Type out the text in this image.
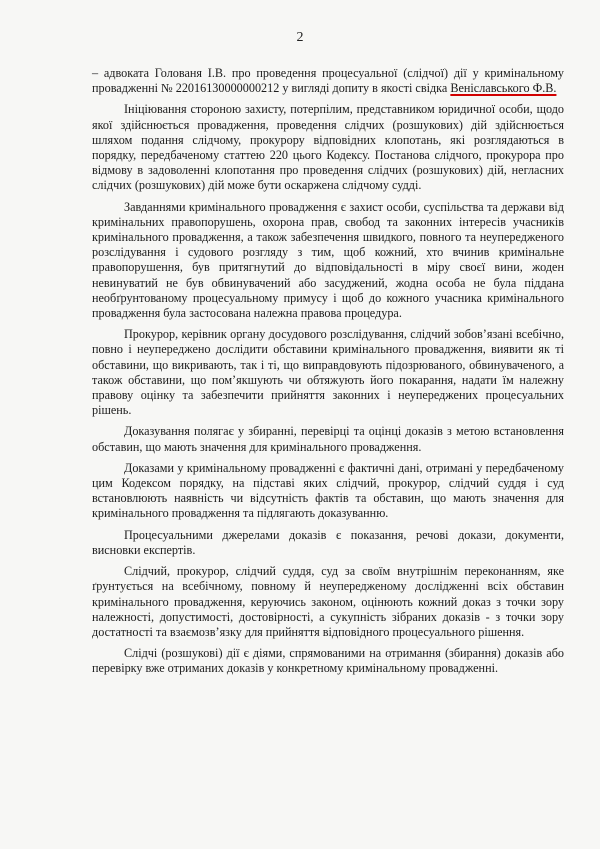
2

– адвоката Голованя І.В. про проведення процесуальної (слідчої) дії у кримінальному провадженні № 22016130000000212 у вигляді допиту в якості свідка Веніславського Ф.В.

Ініціювання стороною захисту, потерпілим, представником юридичної особи, щодо якої здійснюється провадження, проведення слідчих (розшукових) дій здійснюється шляхом подання слідчому, прокурору відповідних клопотань, які розглядаються в порядку, передбаченому статтею 220 цього Кодексу. Постанова слідчого, прокурора про відмову в задоволенні клопотання про проведення слідчих (розшукових) дій, негласних слідчих (розшукових) дій може бути оскаржена слідчому судді.

Завданнями кримінального провадження є захист особи, суспільства та держави від кримінальних правопорушень, охорона прав, свобод та законних інтересів учасників кримінального провадження, а також забезпечення швидкого, повного та неупередженого розслідування і судового розгляду з тим, щоб кожний, хто вчинив кримінальне правопорушення, був притягнутий до відповідальності в міру своєї вини, жоден невинуватий не був обвинувачений або засуджений, жодна особа не була піддана необґрунтованому процесуальному примусу і щоб до кожного учасника кримінального провадження була застосована належна правова процедура.

Прокурор, керівник органу досудового розслідування, слідчий зобов’язані всебічно, повно і неупереджено дослідити обставини кримінального провадження, виявити як ті обставини, що викривають, так і ті, що виправдовують підозрюваного, обвинуваченого, а також обставини, що пом’якшують чи обтяжують його покарання, надати їм належну правову оцінку та забезпечити прийняття законних і неупереджених процесуальних рішень.

Доказування полягає у збиранні, перевірці та оцінці доказів з метою встановлення обставин, що мають значення для кримінального провадження.

Доказами у кримінальному провадженні є фактичні дані, отримані у передбаченому цим Кодексом порядку, на підставі яких слідчий, прокурор, слідчий суддя і суд встановлюють наявність чи відсутність фактів та обставин, що мають значення для кримінального провадження та підлягають доказуванню.

Процесуальними джерелами доказів є показання, речові докази, документи, висновки експертів.

Слідчий, прокурор, слідчий суддя, суд за своїм внутрішнім переконанням, яке ґрунтується на всебічному, повному й неупередженому дослідженні всіх обставин кримінального провадження, керуючись законом, оцінюють кожний доказ з точки зору належності, допустимості, достовірності, а сукупність зібраних доказів - з точки зору достатності та взаємозв’язку для прийняття відповідного процесуального рішення.

Слідчі (розшукові) дії є діями, спрямованими на отримання (збирання) доказів або перевірку вже отриманих доказів у конкретному кримінальному провадженні.
